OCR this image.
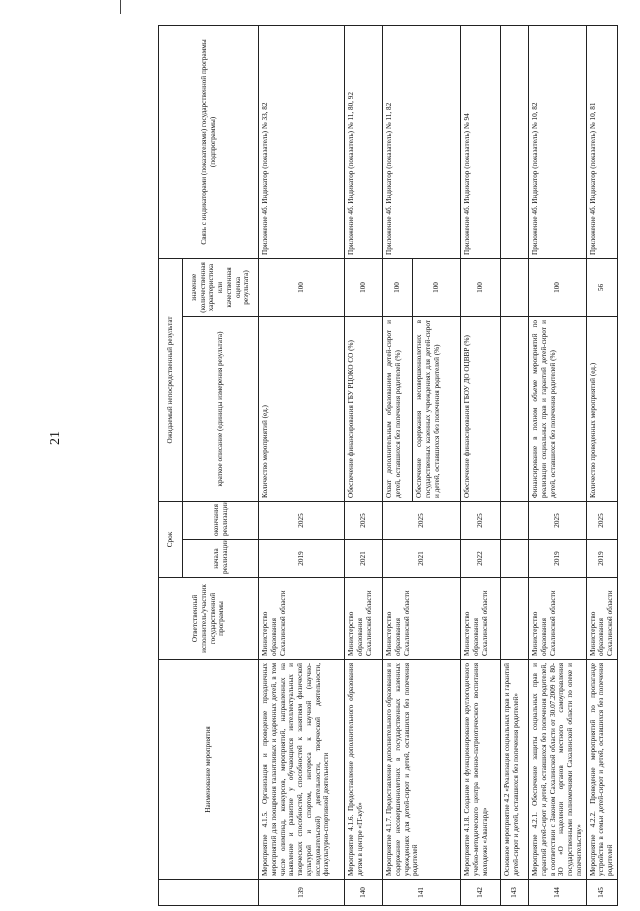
21
	Наименование мероприятия	Ответственный исполнитель/участник государственной программы	Срок		Ожидаемый непосредственный результат		Связь с индикаторами (показателями) государственной программы (подпрограммы)
			начала реализации	окончания реализации	краткое описание (единицы измерения результата)	значение (количественная характеристика или качественная оценка результата)	
139	Мероприятие 4.1.5. Организация и проведение праздничных мероприятий для поощрения талантливых и одаренных детей, в том числе олимпиад, конкурсов, мероприятий, направленных на выявление и развитие у обучающихся интеллектуальных и творческих способностей, способностей к занятиям физической культурой и спортом, интереса к научной (научно-исследовательской) деятельности, творческой деятельности, физкультурно-спортивной деятельности	Министерство образования Сахалинской области	2019	2025	Количество мероприятий (ед.)	100	Приложение 4б. Индикатор (показатель) № 33, 82
140	Мероприятие 4.1.6. Предоставление дополнительного образования детям в центре «IT-куб»	Министерство образования Сахалинской области	2021	2025	Обеспечение финансирования ГБУ РЦОКО СО (%)	100	Приложение 4б. Индикатор (показатель) № 11, 80, 92
141	Мероприятие 4.1.7. Предоставление дополнительного образования и содержание несовершеннолетних в государственных казенных учреждениях для детей-сирот и детей, оставшихся без попечения родителей	Министерство образования Сахалинской области	2021	2025	Охват дополнительным образованием детей-сирот и детей, оставшихся без попечения родителей (%)	100	Приложение 4б. Индикатор (показатель) № 11, 82
					Обеспечение содержания несовершеннолетних в государственных казенных учреждениях для детей-сирот и детей, оставшихся без попечения родителей (%)	100	
142	Мероприятие 4.1.8. Создание и функционирование круглогодичного учебно-методического центра военно-патриотического воспитания молодежи «Авангард»	Министерство образования Сахалинской области	2022	2025	Обеспечение финансирования ГБОУ ДО ОЦВВР (%)	100	Приложение 4б. Индикатор (показатель) № 94
143	Основное мероприятие 4.2 «Реализация социальных прав и гарантий детей-сирот и детей, оставшихся без попечения родителей»						
144	Мероприятие 4.2.1. Обеспечение защиты социальных прав и гарантий детей-сирот и детей, оставшихся без попечения родителей, в соответствии с Законом Сахалинской области от 30.07.2009 № 80-ЗО «О наделении органов местного самоуправления государственными полномочиями Сахалинской области по опеке и попечительству»	Министерство образования Сахалинской области	2019	2025	Финансирование в полном объеме мероприятий по реализации социальных прав и гарантий детей-сирот и детей, оставшихся без попечения родителей (%)	100	Приложение 4б. Индикатор (показатель) № 10, 82
145	Мероприятие 4.2.2. Проведение мероприятий по пропаганде устройства в семьи детей-сирот и детей, оставшихся без попечения родителей	Министерство образования Сахалинской области	2019	2025	Количество проведенных мероприятий (ед.)	56	Приложение 4б. Индикатор (показатель) № 10, 81
